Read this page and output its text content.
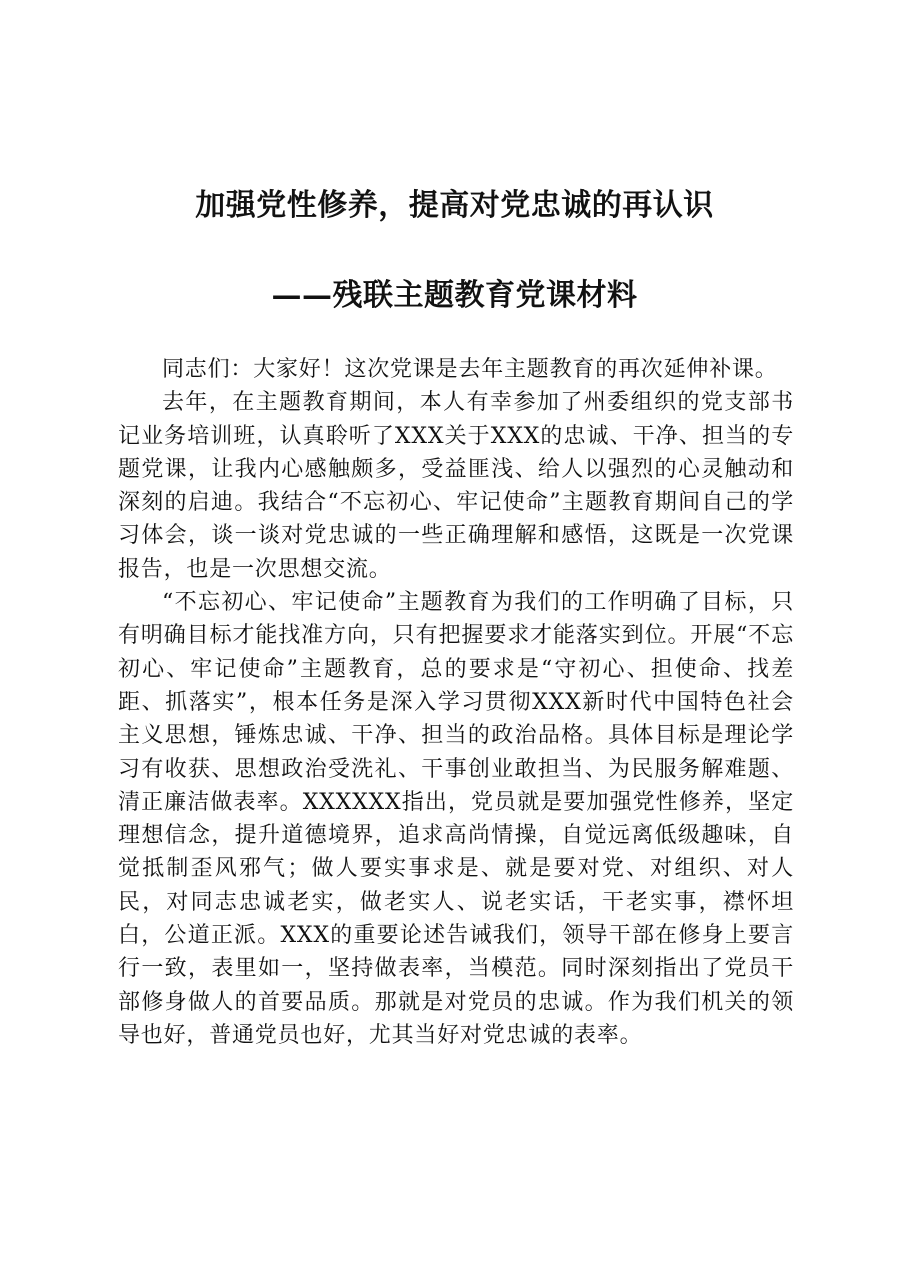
加强党性修养，提高对党忠诚的再认识
——残联主题教育党课材料

同志们：大家好！这次党课是去年主题教育的再次延伸补课。

去年，在主题教育期间，本人有幸参加了州委组织的党支部书记业务培训班，认真聆听了XXX关于XXX的忠诚、干净、担当的专题党课，让我内心感触颇多，受益匪浅、给人以强烈的心灵触动和深刻的启迪。我结合“不忘初心、牢记使命”主题教育期间自己的学习体会，谈一谈对党忠诚的一些正确理解和感悟，这既是一次党课报告，也是一次思想交流。

“不忘初心、牢记使命”主题教育为我们的工作明确了目标，只有明确目标才能找准方向，只有把握要求才能落实到位。开展“不忘初心、牢记使命”主题教育，总的要求是“守初心、担使命、找差距、抓落实”，根本任务是深入学习贯彻XXX新时代中国特色社会主义思想，锤炼忠诚、干净、担当的政治品格。具体目标是理论学习有收获、思想政治受洗礼、干事创业敢担当、为民服务解难题、清正廉洁做表率。XXXXXX指出，党员就是要加强党性修养，坚定理想信念，提升道德境界，追求高尚情操，自觉远离低级趣味，自觉抵制歪风邪气；做人要实事求是、就是要对党、对组织、对人民，对同志忠诚老实，做老实人、说老实话，干老实事，襟怀坦白，公道正派。XXX的重要论述告诫我们，领导干部在修身上要言行一致，表里如一，坚持做表率，当模范。同时深刻指出了党员干部修身做人的首要品质。那就是对党员的忠诚。作为我们机关的领导也好，普通党员也好，尤其当好对党忠诚的表率。
